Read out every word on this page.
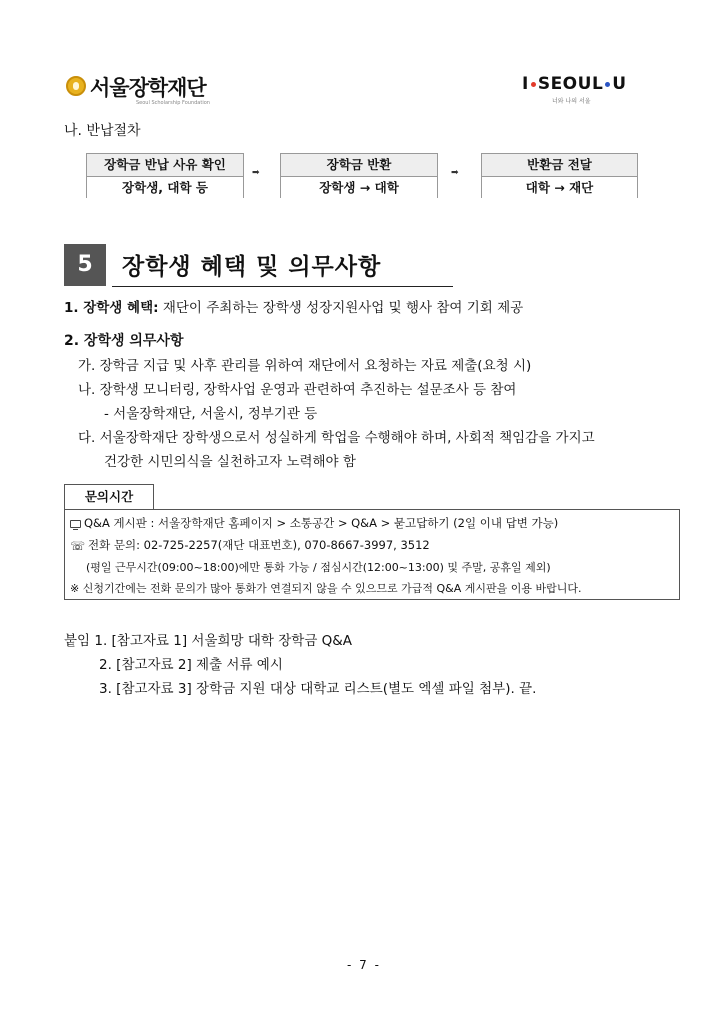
서울장학재단
Seoul Scholarship Foundation
I SEOUL U
너와 나의 서울
나. 반납절차
장학금 반납 사유 확인
장학생, 대학 등
➡
장학금 반환
장학생 → 대학
➡
반환금 전달
대학 → 재단
5	장학생 혜택 및 의무사항
1. 장학생 혜택: 재단이 주최하는 장학생 성장지원사업 및 행사 참여 기회 제공
2. 장학생 의무사항
가. 장학금 지급 및 사후 관리를 위하여 재단에서 요청하는 자료 제출(요청 시)
나. 장학생 모니터링, 장학사업 운영과 관련하여 추진하는 설문조사 등 참여
- 서울장학재단, 서울시, 정부기관 등
다. 서울장학재단 장학생으로서 성실하게 학업을 수행해야 하며, 사회적 책임감을 가지고
건강한 시민의식을 실천하고자 노력해야 함
문의시간
Q&A 게시판 : 서울장학재단 홈페이지 > 소통공간 > Q&A > 묻고답하기 (2일 이내 답변 가능)
☏ 전화 문의: 02-725-2257(재단 대표번호), 070-8667-3997, 3512
(평일 근무시간(09:00~18:00)에만 통화 가능 / 점심시간(12:00~13:00) 및 주말, 공휴일 제외)
※ 신청기간에는 전화 문의가 많아 통화가 연결되지 않을 수 있으므로 가급적 Q&A 게시판을 이용 바랍니다.
붙임 1. [참고자료 1] 서울희망 대학 장학금 Q&A
2. [참고자료 2] 제출 서류 예시
3. [참고자료 3] 장학금 지원 대상 대학교 리스트(별도 엑셀 파일 첨부). 끝.
- 7 -
